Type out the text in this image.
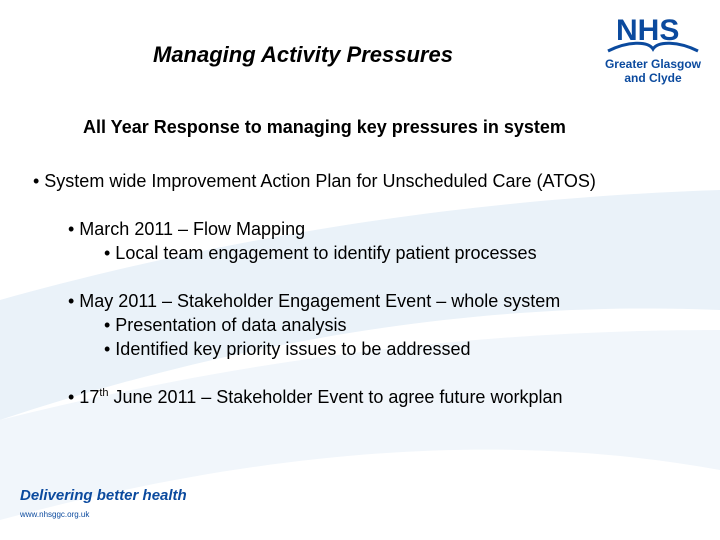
Managing Activity Pressures
NHS
Greater Glasgow
and Clyde
All Year Response to managing key pressures in system
• System wide Improvement Action Plan for Unscheduled Care (ATOS)
• March 2011 – Flow Mapping
• Local team engagement to identify patient processes
• May 2011 – Stakeholder Engagement Event – whole system
• Presentation of data analysis
• Identified key priority issues to be addressed
• 17th June 2011 – Stakeholder Event to agree future workplan
Delivering better health
www.nhsggc.org.uk
